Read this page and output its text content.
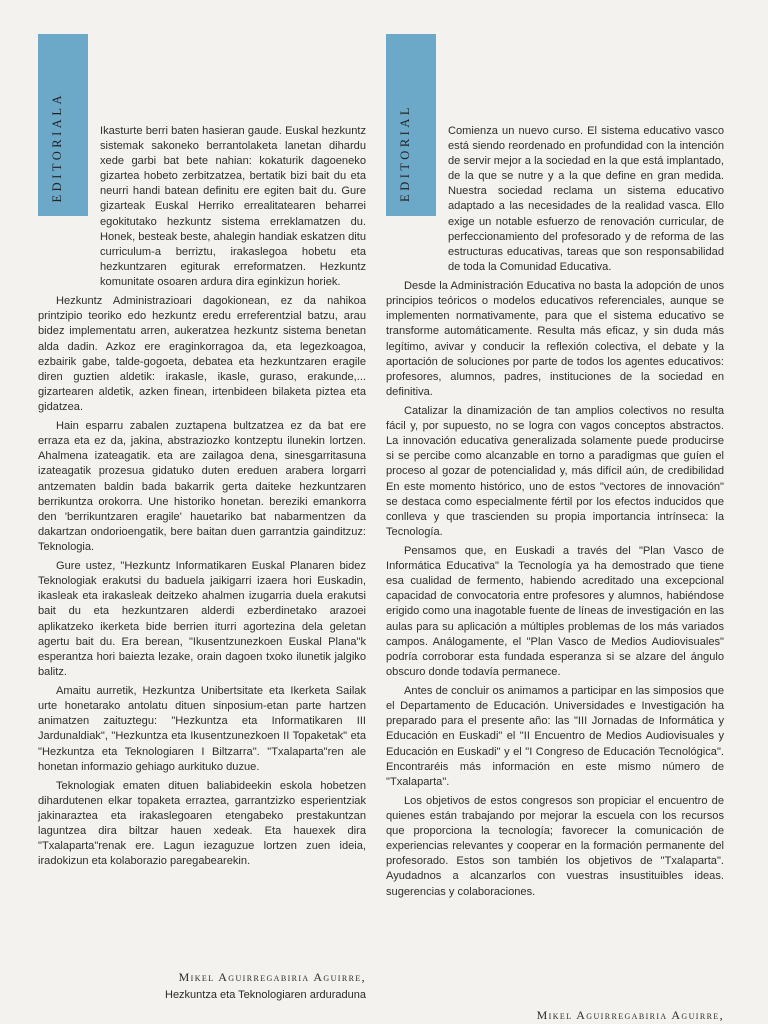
EDITORIALA	Ikasturte berri baten hasieran gaude. Euskal hezkuntz sistemak sakoneko berrantolaketa lanetan dihardu xede garbi bat bete nahian: kokaturik dagoeneko gizartea hobeto zerbitzatzea, bertatik bizi bait du eta neurri handi batean definitu ere egiten bait du. Gure gizarteak Euskal Herriko errealitatearen beharrei egokitutako hezkuntz sistema erreklamatzen du. Honek, besteak beste, ahalegin handiak eskatzen ditu curriculum-a berriztu, irakaslegoa hobetu eta hezkuntzaren egiturak erreformatzen. Hezkuntz komunitate osoaren ardura dira eginkizun horiek.

Hezkuntz Administrazioari dagokionean, ez da nahikoa printzipio teoriko edo hezkuntz eredu erreferentzial batzu, arau bidez implementatu arren, aukeratzea hezkuntz sistema benetan alda dadin. Azkoz ere eraginkorragoa da, eta legezkoagoa, ezbairik gabe, talde-gogoeta, debatea eta hezkuntzaren eragile diren guztien aldetik: irakasle, ikasle, guraso, erakunde,... gizartearen aldetik, azken finean, irtenbideen bilaketa piztea eta gidatzea.

Hain esparru zabalen zuztapena bultzatzea ez da bat ere erraza eta ez da, jakina, abstraziozko kontzeptu ilunekin lortzen. Ahalmena izateagatik. eta are zailagoa dena, sinesgarritasuna izateagatik prozesua gidatuko duten ereduen arabera lorgarri antzematen baldin bada bakarrik gerta daiteke hezkuntzaren berrikuntza orokorra. Une historiko honetan. bereziki emankorra den 'berrikuntzaren eragile' hauetariko bat nabarmentzen da dakartzan ondorioengatik, bere baitan duen garrantzia gainditzuz: Teknologia.

Gure ustez, "Hezkuntz Informatikaren Euskal Planaren bidez Teknologiak erakutsi du baduela jaikigarri izaera hori Euskadin, ikasleak eta irakasleak deitzeko ahalmen izugarria duela erakutsi bait du eta hezkuntzaren alderdi ezberdinetako arazoei aplikatzeko ikerketa bide berrien iturri agortezina dela geletan agertu bait du. Era berean, "Ikusentzunezkoen Euskal Plana"k esperantza hori baiezta lezake, orain dagoen txoko ilunetik jalgiko balitz.

Amaitu aurretik, Hezkuntza Unibertsitate eta Ikerketa Sailak urte honetarako antolatu dituen sinposium-etan parte hartzen animatzen zaituztegu: "Hezkuntza eta Informatikaren III Jardunaldiak", "Hezkuntza eta Ikusentzunezkoen II Topaketak" eta "Hezkuntza eta Teknologiaren I Biltzarra". "Txalaparta"ren ale honetan informazio gehiago aurkituko duzue.

Teknologiak ematen dituen baliabideekin eskola hobetzen dihardutenen elkar topaketa erraztea, garrantzizko esperientziak jakinaraztea eta irakaslegoaren etengabeko prestakuntzan laguntzea dira biltzar hauen xedeak. Eta hauexek dira "Txalaparta"renak ere. Lagun iezaguzue lortzen zuen ideia, iradokizun eta kolaborazio paregabearekin.

Mikel Aguirregabiria Aguirre,
Hezkuntza eta Teknologiaren arduraduna
EDITORIAL	Comienza un nuevo curso. El sistema educativo vasco está siendo reordenado en profundidad con la intención de servir mejor a la sociedad en la que está implantado, de la que se nutre y a la que define en gran medida. Nuestra sociedad reclama un sistema educativo adaptado a las necesidades de la realidad vasca. Ello exige un notable esfuerzo de renovación curricular, de perfeccionamiento del profesorado y de reforma de las estructuras educativas, tareas que son responsabilidad de toda la Comunidad Educativa.

Desde la Administración Educativa no basta la adopción de unos principios teóricos o modelos educativos referenciales, aunque se implementen normativamente, para que el sistema educativo se transforme automáticamente. Resulta más eficaz, y sin duda más legítimo, avivar y conducir la reflexión colectiva, el debate y la aportación de soluciones por parte de todos los agentes educativos: profesores, alumnos, padres, instituciones de la sociedad en definitiva.

Catalizar la dinamización de tan amplios colectivos no resulta fácil y, por supuesto, no se logra con vagos conceptos abstractos. La innovación educativa generalizada solamente puede producirse si se percibe como alcanzable en torno a paradigmas que guíen el proceso al gozar de potencialidad y, más difícil aún, de credibilidad En este momento histórico, uno de estos "vectores de innovación" se destaca como especialmente fértil por los efectos inducidos que conlleva y que trascienden su propia importancia intrínseca: la Tecnología.

Pensamos que, en Euskadi a través del "Plan Vasco de Informática Educativa" la Tecnología ya ha demostrado que tiene esa cualidad de fermento, habiendo acreditado una excepcional capacidad de convocatoria entre profesores y alumnos, habiéndose erigido como una inagotable fuente de líneas de investigación en las aulas para su aplicación a múltiples problemas de los más variados campos. Análogamente, el "Plan Vasco de Medios Audiovisuales" podría corroborar esta fundada esperanza si se alzare del ángulo obscuro donde todavía permanece.

Antes de concluir os animamos a participar en las simposios que el Departamento de Educación. Universidades e Investigación ha preparado para el presente año: las "III Jornadas de Informática y Educación en Euskadi" el "II Encuentro de Medios Audiovisuales y Educación en Euskadi" y el "I Congreso de Educación Tecnológica". Encontraréis más información en este mismo número de "Txalaparta".

Los objetivos de estos congresos son propiciar el encuentro de quienes están trabajando por mejorar la escuela con los recursos que proporciona la tecnología; favorecer la comunicación de experiencias relevantes y cooperar en la formación permanente del profesorado. Estos son también los objetivos de "Txalaparta". Ayudadnos a alcanzarlos con vuestras insustituibles ideas. sugerencias y colaboraciones.

Mikel Aguirregabiria Aguirre,
